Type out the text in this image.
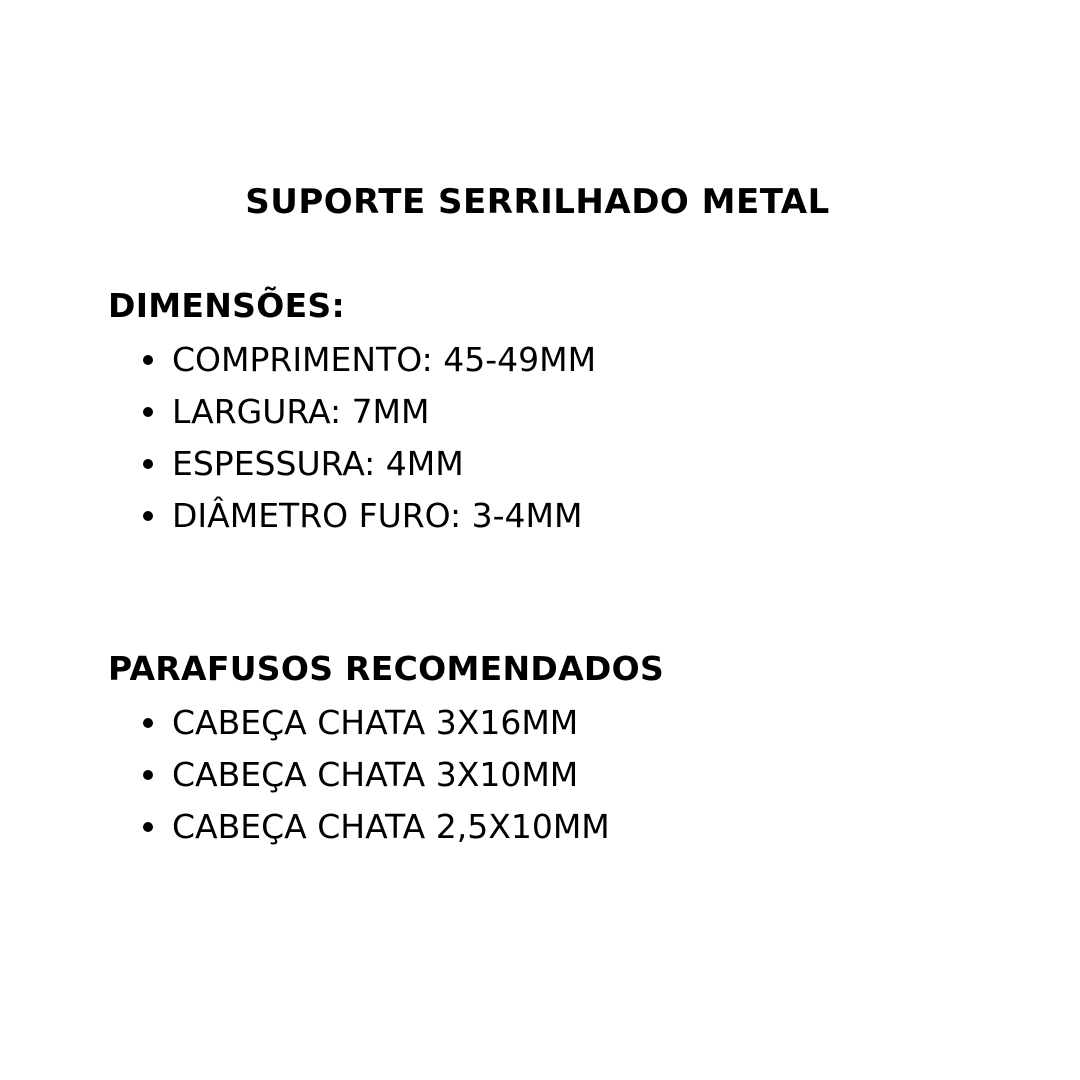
SUPORTE SERRILHADO METAL
DIMENSÕES:
COMPRIMENTO: 45-49MM
LARGURA: 7MM
ESPESSURA: 4MM
DIÂMETRO FURO: 3-4MM
PARAFUSOS RECOMENDADOS
CABEÇA CHATA 3X16MM
CABEÇA CHATA 3X10MM
CABEÇA CHATA 2,5X10MM
